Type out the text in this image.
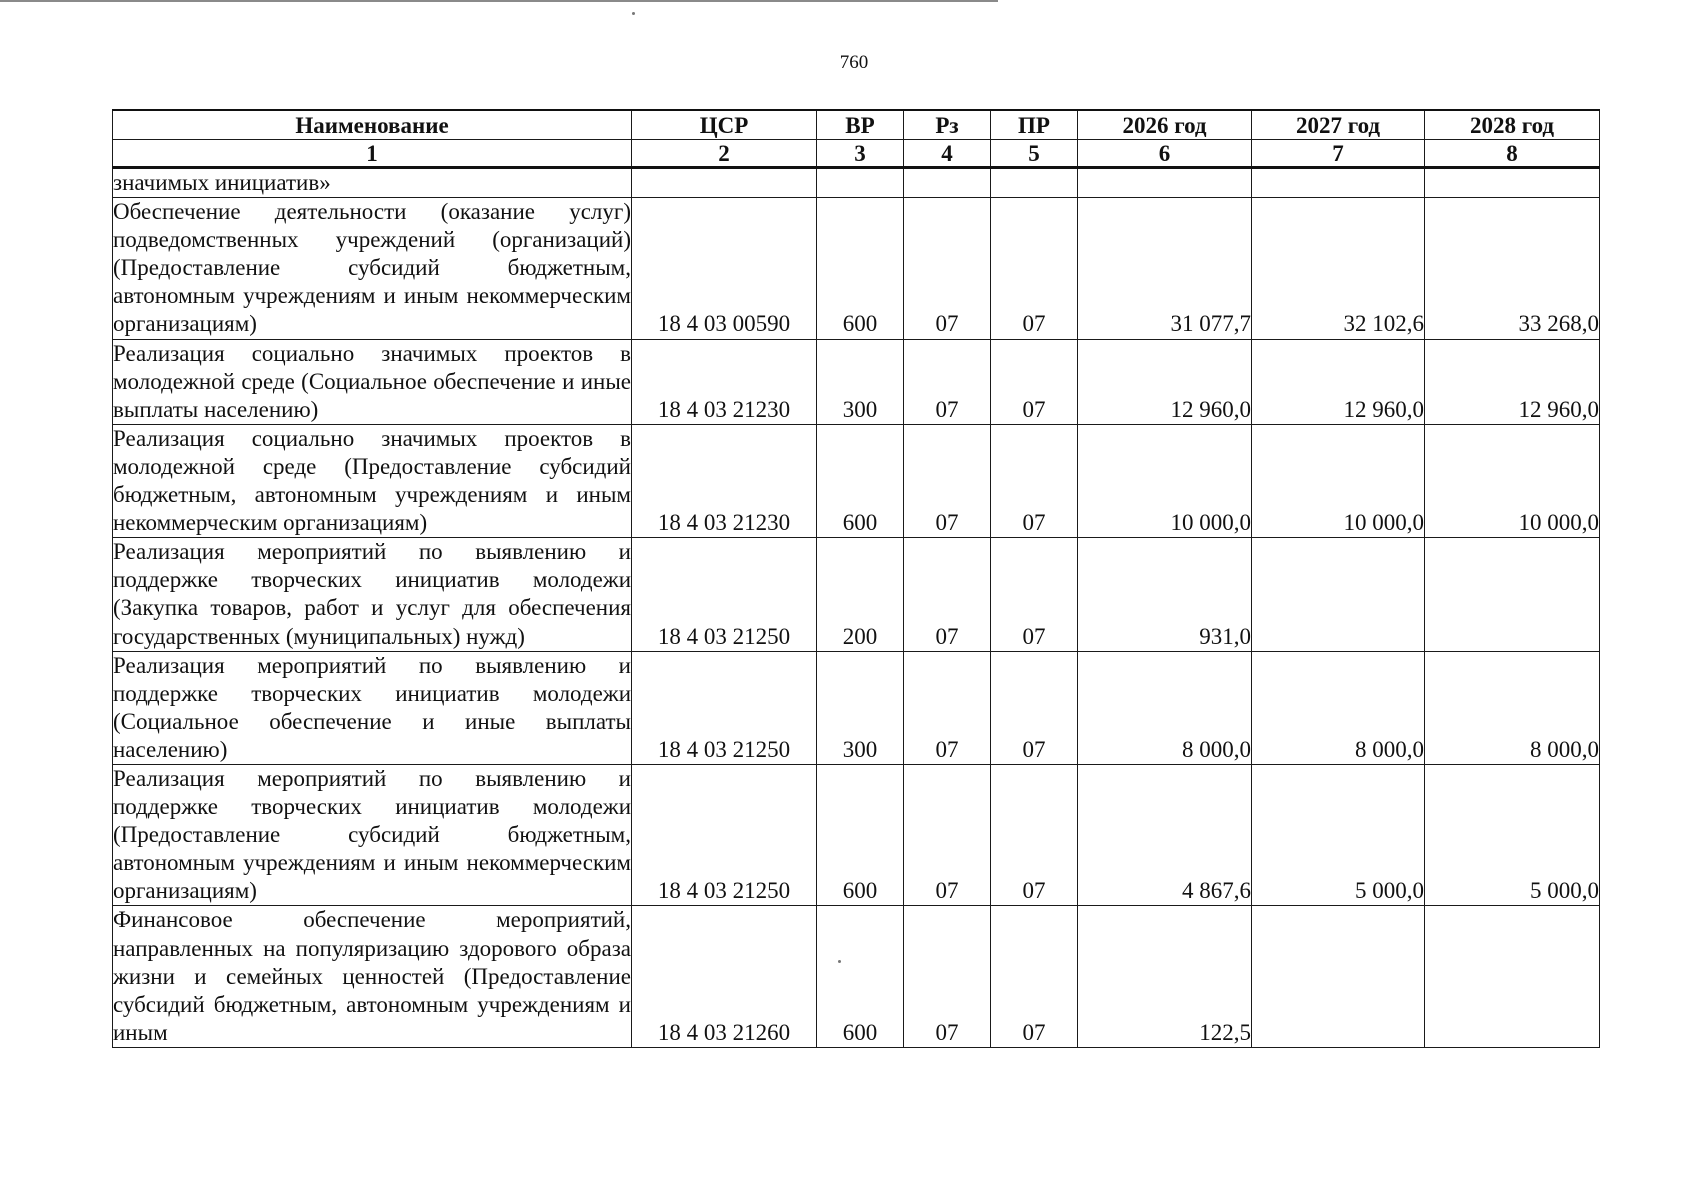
760
Наименование	ЦСР	ВР	Рз	ПР	2026 год	2027 год	2028 год
1	2	3	4	5	6	7	8
значимых инициатив»							
Обеспечение деятельности (оказание услуг) подведомственных учреждений (организаций) (Предоставление субсидий бюджетным, автономным учреждениям и иным некоммерческим организациям)	18 4 03 00590	600	07	07	31 077,7	32 102,6	33 268,0
Реализация социально значимых проектов в молодежной среде (Социальное обеспечение и иные выплаты населению)	18 4 03 21230	300	07	07	12 960,0	12 960,0	12 960,0
Реализация социально значимых проектов в молодежной среде (Предоставление субсидий бюджетным, автономным учреждениям и иным некоммерческим организациям)	18 4 03 21230	600	07	07	10 000,0	10 000,0	10 000,0
Реализация мероприятий по выявлению и поддержке творческих инициатив молодежи (Закупка товаров, работ и услуг для обеспечения государственных (муниципальных) нужд)	18 4 03 21250	200	07	07	931,0		
Реализация мероприятий по выявлению и поддержке творческих инициатив молодежи (Социальное обеспечение и иные выплаты населению)	18 4 03 21250	300	07	07	8 000,0	8 000,0	8 000,0
Реализация мероприятий по выявлению и поддержке творческих инициатив молодежи (Предоставление субсидий бюджетным, автономным учреждениям и иным некоммерческим организациям)	18 4 03 21250	600	07	07	4 867,6	5 000,0	5 000,0
Финансовое обеспечение мероприятий, направленных на популяризацию здорового образа жизни и семейных ценностей (Предоставление субсидий бюджетным, автономным учреждениям и иным	18 4 03 21260	600	07	07	122,5		
